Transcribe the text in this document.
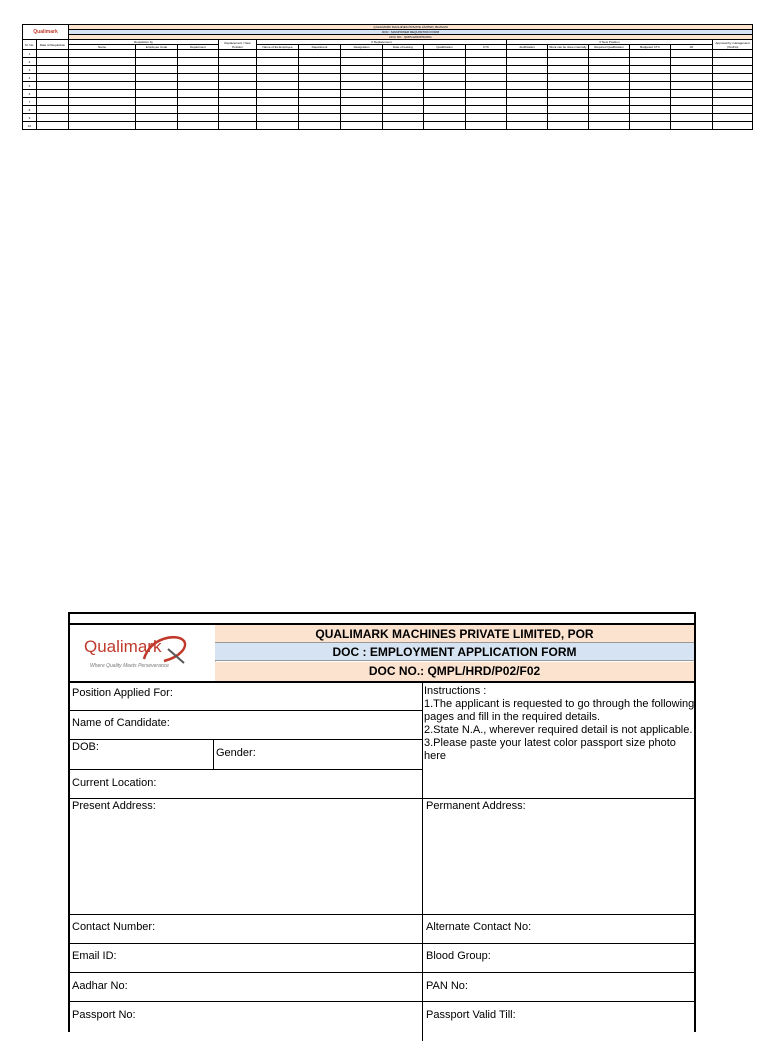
Qualimark		QUALIMARK MACHINES PRIVATE LIMITED, BHAVASI															
		DOC : MANPOWER REQUISITION FORM															
		DOC NO.: QMPL/HRD/P02/F01															
Sr. No.	Date of Requisition	Requisition by			Replacement / New Position	If Replacement						If New Position					Approval by management (Yes/No)
		Name	Employee Code	Department		Name of Ex-Employee	Department	Designation	Date of leaving	Qualification	CTC	Justification	Work can be done internally	Required Qualification	Budgeted CTC	JD	
1																	
2																	
3																	
4																	
5																	
6																	
7																	
8																	
9																	
10																	
Qualimark
Where Quality Meets Perseverance
QUALIMARK MACHINES PRIVATE LIMITED, POR
DOC : EMPLOYMENT APPLICATION FORM
DOC NO.: QMPL/HRD/P02/F02
Position Applied For:
Name of Candidate:
DOB:	Gender:
Current Location:
Present Address:	Permanent Address:
Contact Number:	Alternate Contact No:
Email ID:	Blood Group:
Aadhar No:	PAN No:
Passport No:	Passport Valid Till:
Instructions :
1.The applicant is requested to go through the following pages and fill in the required details.
2.State N.A., wherever required detail is not applicable.
3.Please paste your latest color passport size photo here
